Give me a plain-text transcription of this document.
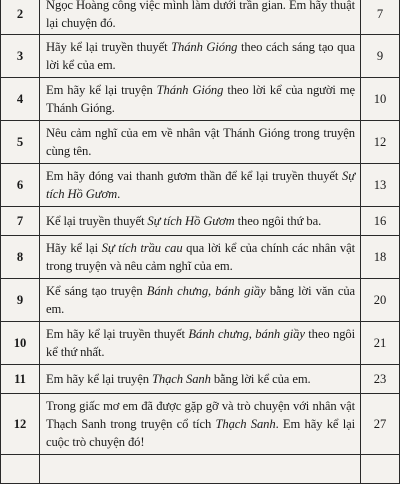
2	Ngọc Hoàng công việc mình làm dưới trần gian. Em hãy thuật lại chuyện đó.	7
3	Hãy kể lại truyền thuyết Thánh Gióng theo cách sáng tạo qua lời kể của em.	9
4	Em hãy kể lại truyện Thánh Gióng theo lời kể của người mẹ Thánh Gióng.	10
5	Nêu cảm nghĩ của em về nhân vật Thánh Gióng trong truyện cùng tên.	12
6	Em hãy đóng vai thanh gươm thần để kể lại truyền thuyết Sự tích Hồ Gươm.	13
7	Kể lại truyền thuyết Sự tích Hồ Gươm theo ngôi thứ ba.	16
8	Hãy kể lại Sự tích trầu cau qua lời kể của chính các nhân vật trong truyện và nêu cảm nghĩ của em.	18
9	Kể sáng tạo truyện Bánh chưng, bánh giầy bằng lời văn của em.	20
10	Em hãy kể lại truyền thuyết Bánh chưng, bánh giầy theo ngôi kể thứ nhất.	21
11	Em hãy kể lại truyện Thạch Sanh bằng lời kể của em.	23
12	Trong giấc mơ em đã được gặp gỡ và trò chuyện với nhân vật Thạch Sanh trong truyện cổ tích Thạch Sanh. Em hãy kể lại cuộc trò chuyện đó!	27
